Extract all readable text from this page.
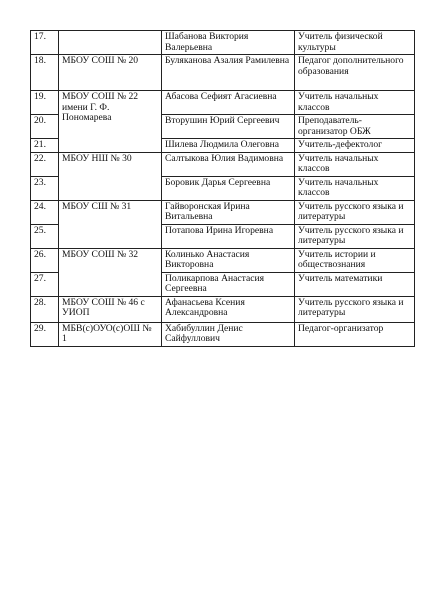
17.		Шабанова Виктория Валерьевна	Учитель физической культуры
18.	МБОУ СОШ № 20	Буляканова Азалия Рамилевна	Педагог дополнительного образования
19.	МБОУ СОШ № 22 имени Г. Ф. Пономарева	Абасова Сефият Агасиевна	Учитель начальных классов
20.		Вторушин Юрий Сергеевич	Преподаватель-организатор ОБЖ
21.		Шилева Людмила Олеговна	Учитель-дефектолог
22.	МБОУ НШ № 30	Салтыкова Юлия Вадимовна	Учитель начальных классов
23.		Боровик Дарья Сергеевна	Учитель начальных классов
24.	МБОУ СШ № 31	Гайворонская Ирина Витальевна	Учитель русского языка и литературы
25.		Потапова Ирина Игоревна	Учитель русского языка и литературы
26.	МБОУ СОШ № 32	Колинько Анастасия Викторовна	Учитель истории и обществознания
27.		Поликарпова Анастасия Сергеевна	Учитель математики
28.	МБОУ СОШ № 46 с УИОП	Афанасьева Ксения Александровна	Учитель русского языка и литературы
29.	МБВ(с)ОУО(с)ОШ № 1	Хабибуллин Денис Сайфуллович	Педагог-организатор
